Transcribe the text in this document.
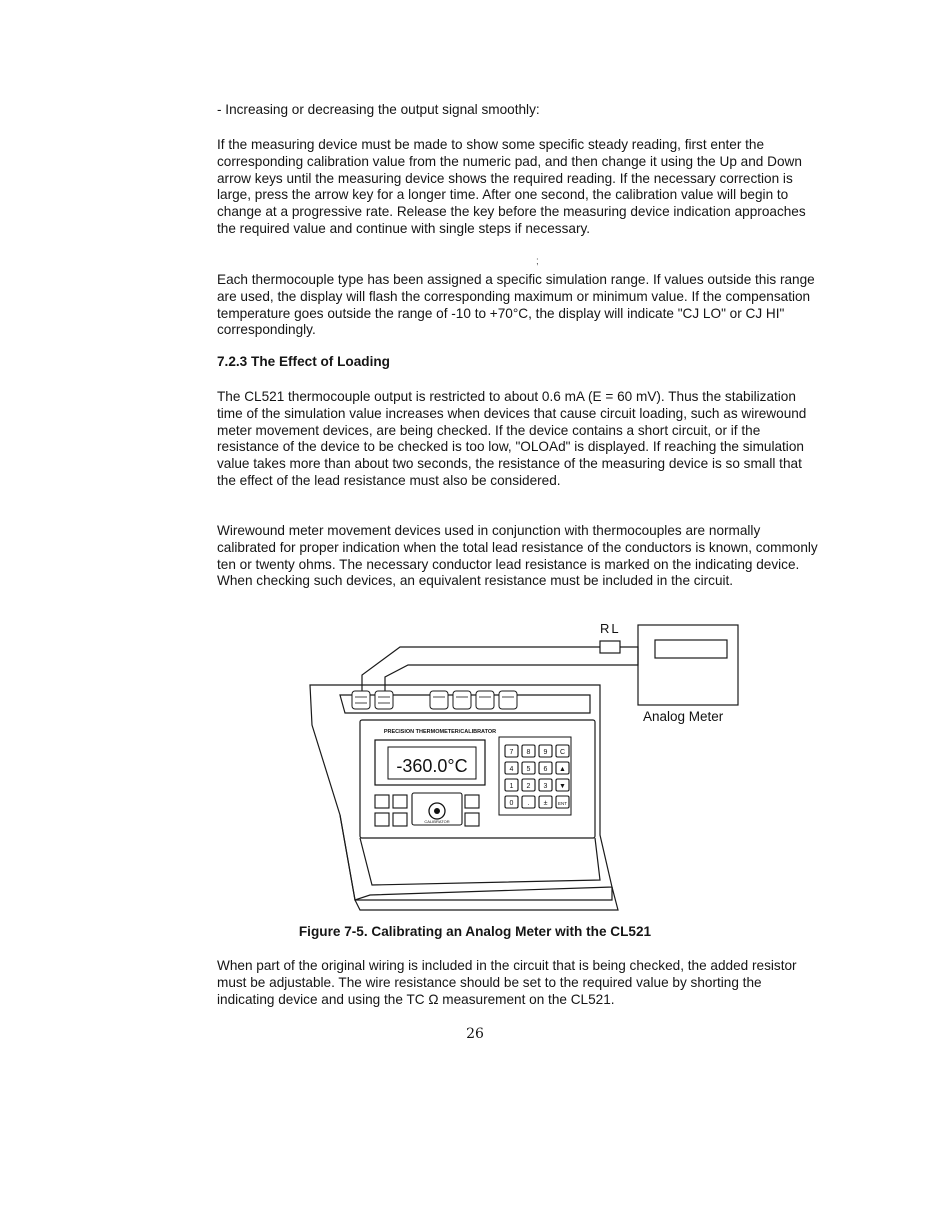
- Increasing or decreasing the output signal smoothly:

If the measuring device must be made to show some specific steady reading, first enter the corresponding calibration value from the numeric pad, and then change it using the Up and Down arrow keys until the measuring device shows the required reading. If the necessary correction is large, press the arrow key for a longer time. After one second, the calibration value will begin to change at a progressive rate. Release the key before the measuring device indication approaches the required value and continue with single steps if necessary.

;

Each thermocouple type has been assigned a specific simulation range. If values outside this range are used, the display will flash the corresponding maximum or minimum value. If the compensation temperature goes outside the range of -10 to +70°C, the display will indicate "CJ LO" or CJ HI" correspondingly.

7.2.3 The Effect of Loading

The CL521 thermocouple output is restricted to about 0.6 mA (E = 60 mV). Thus the stabilization time of the simulation value increases when devices that cause circuit loading, such as wirewound meter movement devices, are being checked. If the device contains a short circuit, or if the resistance of the device to be checked is too low, "OLOAd" is displayed. If reaching the simulation value takes more than about two seconds, the resistance of the measuring device is so small that the effect of the lead resistance must also be considered.

Wirewound meter movement devices used in conjunction with thermocouples are normally calibrated for proper indication when the total lead resistance of the conductors is known, commonly ten or twenty ohms. The necessary conductor lead resistance is marked on the indicating device. When checking such devices, an equivalent resistance must be included in the circuit.

PRECISION THERMOMETER/CALIBRATOR
-360.0°C
CALIBRATOR
7 8 9 C
4 5 6 ▲
1 2 3 ▼
0 . ± ENT
RL
Analog Meter
Figure 7-5. Calibrating an Analog Meter with the CL521

When part of the original wiring is included in the circuit that is being checked, the added resistor must be adjustable. The wire resistance should be set to the required value by shorting the indicating device and using the TC Ω measurement on the CL521.

26
